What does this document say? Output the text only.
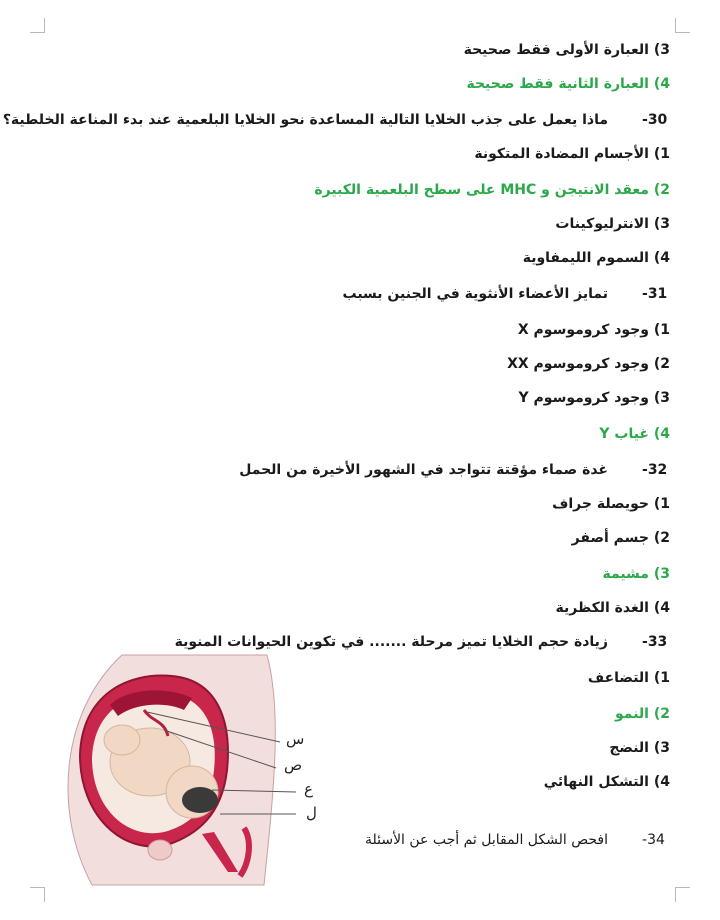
3) العبارة الأولى فقط صحيحة
4) العبارة الثانية فقط صحيحة
30-ماذا يعمل على جذب الخلايا التالية المساعدة نحو الخلايا البلعمية عند بدء المناعة الخلطية؟
1) الأجسام المضادة المتكونة
2) معقد الانتيجن و MHC على سطح البلعمية الكبيرة
3) الانترليوكينات
4) السموم الليمفاوية
31-تمايز الأعضاء الأنثوية في الجنين بسبب
1) وجود كروموسوم X
2) وجود كروموسوم XX
3) وجود كروموسوم Y
4) غياب Y
32-غدة صماء مؤقتة تتواجد في الشهور الأخيرة من الحمل
1) حويصلة جراف
2) جسم أصفر
3) مشيمة
4) الغدة الكظرية
33-زيادة حجم الخلايا تميز مرحلة ....... في تكوين الحيوانات المنوية
1) التضاعف
2) النمو
3) النضج
4) التشكل النهائي
34-افحص الشكل المقابل ثم أجب عن الأسئلة
س
ص
ع
ل
